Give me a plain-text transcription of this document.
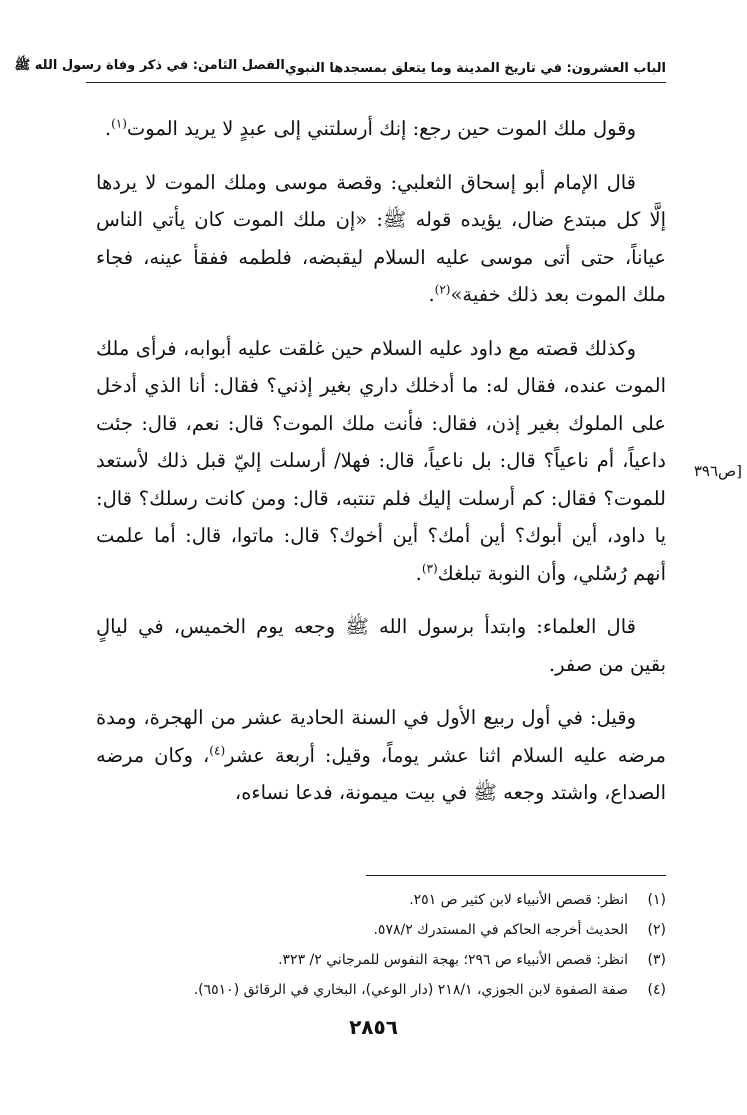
الباب العشرون: في تاريخ المدينة وما يتعلق بمسجدها النبوي
الفصل الثامن: في ذكر وفاة رسول الله ﷺ
[ص٣٩٦

وقول ملك الموت حين رجع: إنك أرسلتني إلى عبدٍ لا يريد الموت$^{(١)}$.

قال الإمام أبو إسحاق الثعلبي: وقصة موسى وملك الموت لا يردها إلَّا كل مبتدع ضال، يؤيده قوله ﷺ: «إن ملك الموت كان يأتي الناس عياناً، حتى أتى موسى عليه السلام ليقبضه، فلطمه ففقأ عينه، فجاء ملك الموت بعد ذلك خفية»$^{(٢)}$.

وكذلك قصته مع داود عليه السلام حين غلقت عليه أبوابه، فرأى ملك الموت عنده، فقال له: ما أدخلك داري بغير إذني؟ فقال: أنا الذي أدخل على الملوك بغير إذن، فقال: فأنت ملك الموت؟ قال: نعم، قال: جئت داعياً، أم ناعياً؟ قال: بل ناعياً، قال: فهلا/ أرسلت إليّ قبل ذلك لأستعد للموت؟ فقال: كم أرسلت إليك فلم تنتبه، قال: ومن كانت رسلك؟ قال: يا داود، أين أبوك؟ أين أمك؟ أين أخوك؟ قال: ماتوا، قال: أما علمت أنهم رُسُلي، وأن النوبة تبلغك$^{(٣)}$.

قال العلماء: وابتدأ برسول الله ﷺ وجعه يوم الخميس، في ليالٍ بقين من صفر.

وقيل: في أول ربيع الأول في السنة الحادية عشر من الهجرة، ومدة مرضه عليه السلام اثنا عشر يوماً، وقيل: أربعة عشر$^{(٤)}$، وكان مرضه الصداع، واشتد وجعه ﷺ في بيت ميمونة، فدعا نساءه،

(١)
انظر: قصص الأنبياء لابن كثير ص ٢٥١.
(٢)
الحديث أخرجه الحاكم في المستدرك ٥٧٨/٢.
(٣)
انظر: قصص الأنبياء ص ٢٩٦؛ بهجة النفوس للمرجاني ٢/ ٣٢٣.
(٤)
صفة الصفوة لابن الجوزي، ٢١٨/١ (دار الوعي)، البخاري في الرقائق (٦٥١٠).
٢٨٥٦
